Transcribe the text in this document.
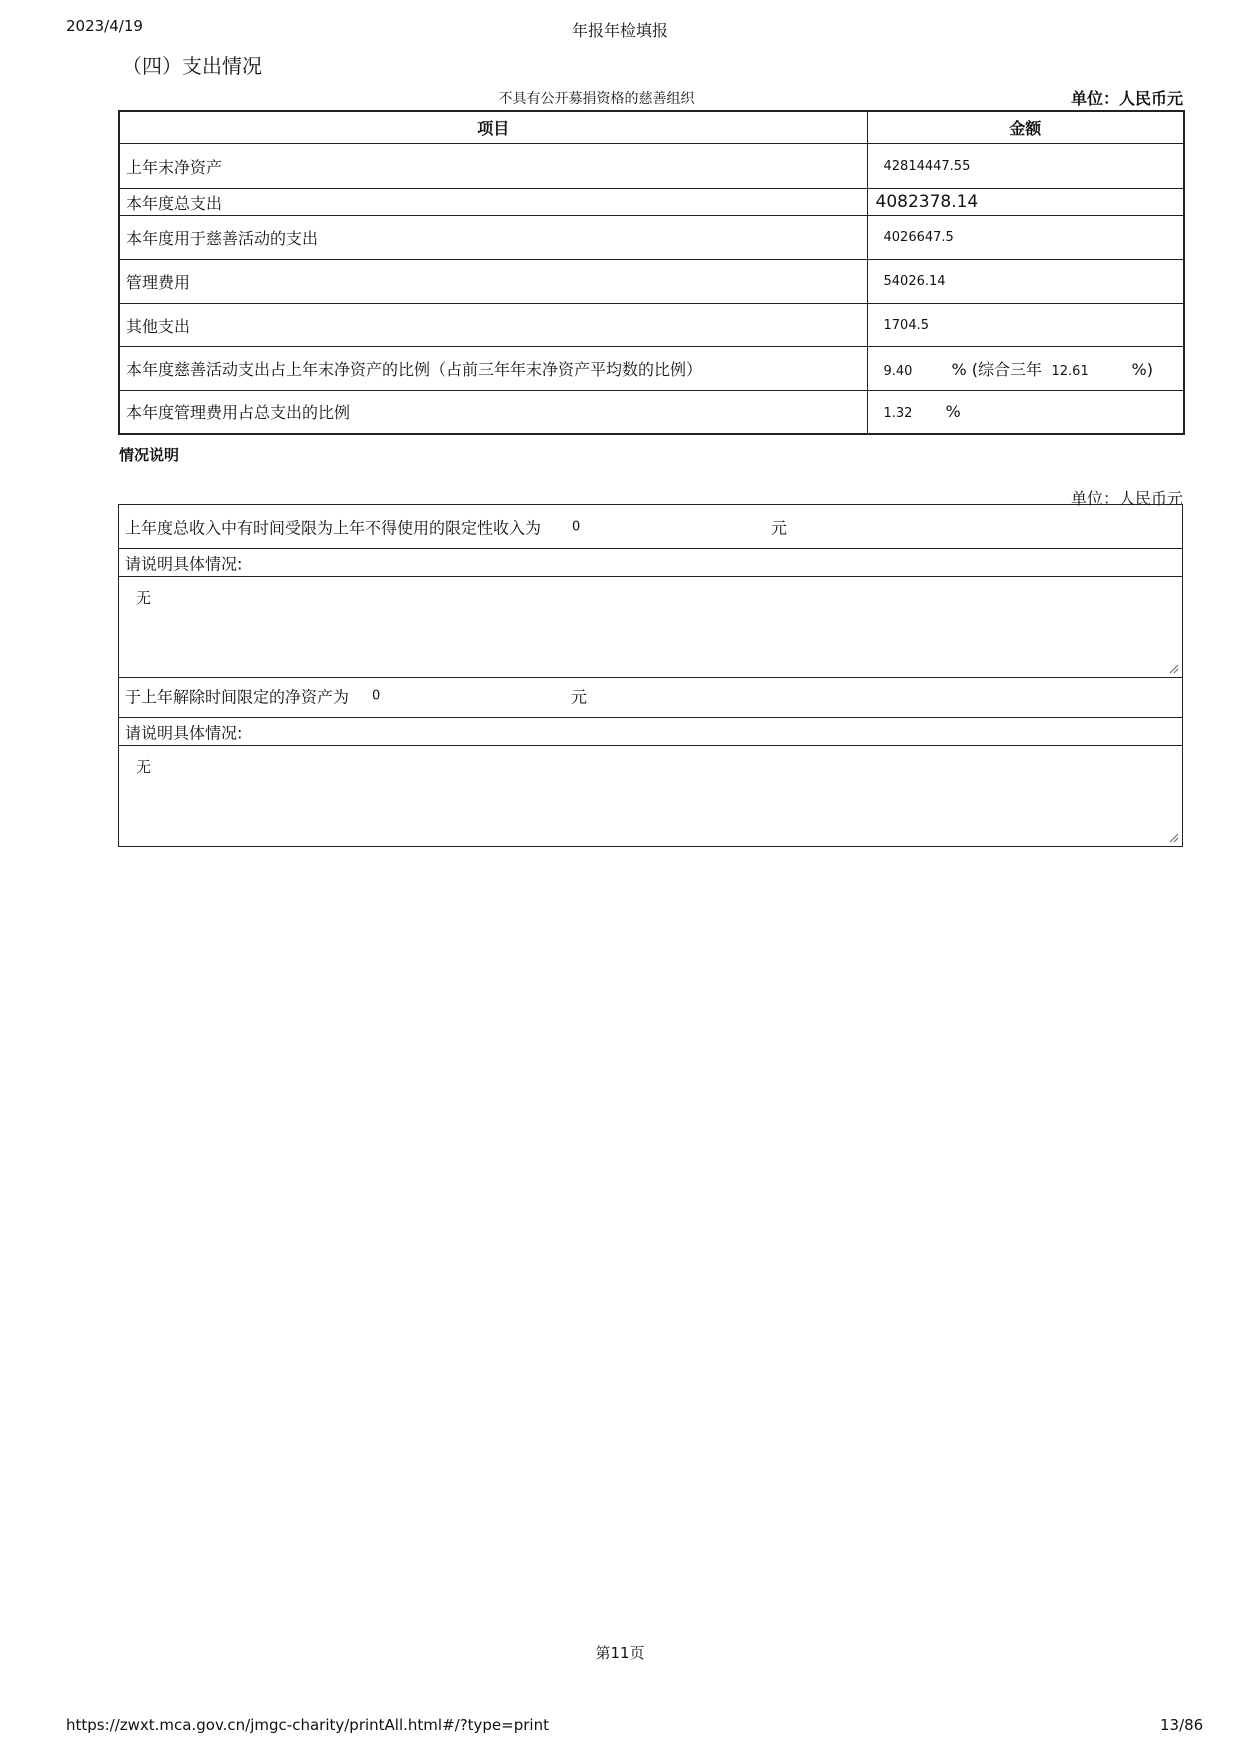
2023/4/19	年报年检填报
（四）支出情况
不具有公开募捐资格的慈善组织	单位：人民币元
项目	金额
上年末净资产	42814447.55
本年度总支出	4082378.14
本年度用于慈善活动的支出	4026647.5
管理费用	54026.14
其他支出	1704.5
本年度慈善活动支出占上年末净资产的比例（占前三年年末净资产平均数的比例）	9.40 % (综合三年 12.61 %)
本年度管理费用占总支出的比例	1.32 %
情况说明
单位：人民币元
上年度总收入中有时间受限为上年不得使用的限定性收入为 0	元
请说明具体情况:
无
于上年解除时间限定的净资产为 0	元
请说明具体情况:
无
第11页
https://zwxt.mca.gov.cn/jmgc-charity/printAll.html#/?type=print	13/86
